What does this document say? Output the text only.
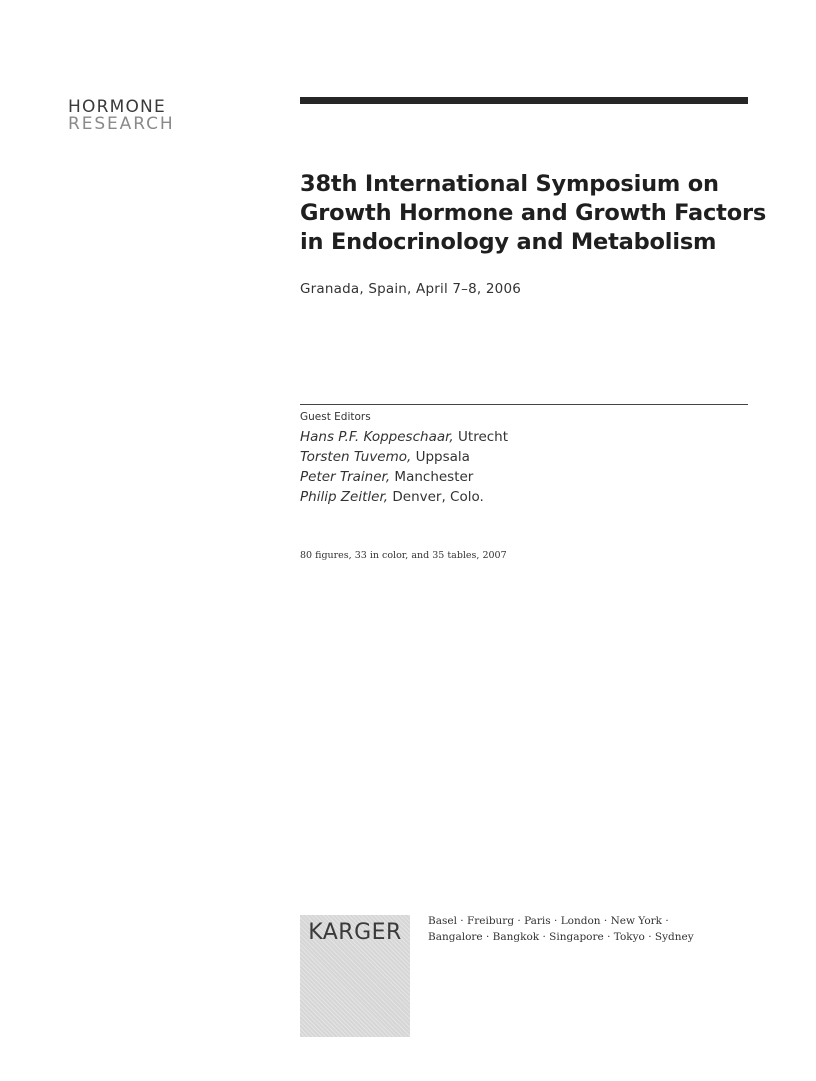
HORMONE
RESEARCH
38th International Symposium on
Growth Hormone and Growth Factors
in Endocrinology and Metabolism
Granada, Spain, April 7–8, 2006
Guest Editors
Hans P.F. Koppeschaar, Utrecht
Torsten Tuvemo, Uppsala
Peter Trainer, Manchester
Philip Zeitler, Denver, Colo.
80 figures, 33 in color, and 35 tables, 2007
KARGER	Basel · Freiburg · Paris · London · New York ·
Bangalore · Bangkok · Singapore · Tokyo · Sydney
